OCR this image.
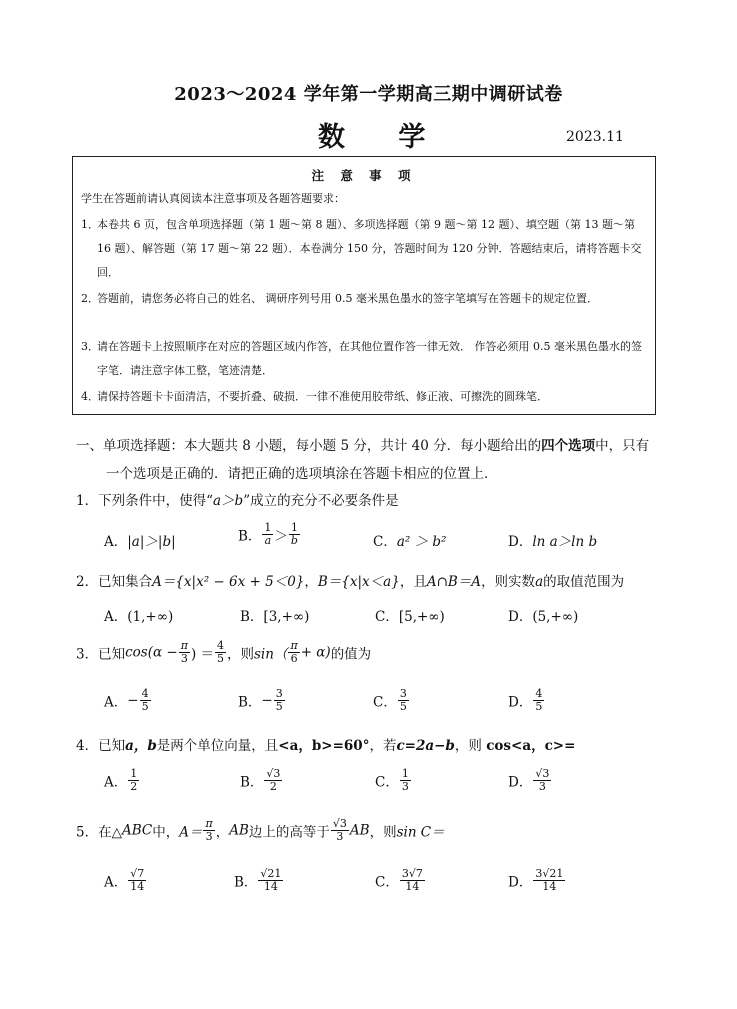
2023～2024 学年第一学期高三期中调研试卷
数 学	2023.11
注 意 事 项
学生在答题前请认真阅读本注意事项及各题答题要求：
1．
本卷共 6 页，包含单项选择题（第 1 题～第 8 题）、多项选择题（第 9 题～第 12 题）、填空题（第 13 题～第 16 题）、解答题（第 17 题～第 22 题）．本卷满分 150 分，答题时间为 120 分钟．答题结束后，请将答题卡交回．
2．
答题前，请您务必将自己的姓名、 调研序列号用 0.5 毫米黑色墨水的签字笔填写在答题卡的规定位置．
3．
请在答题卡上按照顺序在对应的答题区域内作答，在其他位置作答一律无效． 作答必须用 0.5 毫米黑色墨水的签字笔．请注意字体工整，笔迹清楚．
4．
请保持答题卡卡面清洁，不要折叠、破损．一律不准使用胶带纸、修正液、可擦洗的圆珠笔．
一、单项选择题：本大题共 8 小题，每小题 5 分，共计 40 分．每小题给出的四个选项中，只有
一个选项是正确的．请把正确的选项填涂在答题卡相应的位置上．
1．下列条件中，使得“a＞b”成立的充分不必要条件是
A．|a|＞|b|	B． $\frac{1}{a} > \frac{1}{b}$	C．a² ＞ b²	D．ln a＞ln b
2．已知集合A＝{x|x² − 6x + 5＜0}，B＝{x|x＜a}，且A∩B＝A，则实数a的取值范围为
A．(1,+∞)	B．[3,+∞)	C．[5,+∞)	D．(5,+∞)
3．已知$\cos(\alpha - \frac{\pi}{3}$ ) ＝ $\frac{4}{5}$ ，则$\sin( \frac{\pi}{6} + \alpha)$的值为
A．− $\frac{4}{5}$	B．− $\frac{3}{5}$	C． $\frac{3}{5}$	D． $\frac{4}{5}$
4．已知a，b是两个单位向量，且<a，b>=60°，若c=2a−b，则 cos<a，c>=
A． $\frac{1}{2}$	B． $\frac{√3}{2}$	C． $\frac{1}{3}$	D． $\frac{√3}{3}$
5．在△ABC中，$A= \frac{\pi}{3}$ ，AB边上的高等于 $\frac{√3}{3}$ AB，则sin C＝
A． $\frac{√7}{14}$	B． $\frac{√21}{14}$	C． $\frac{3√7}{14}$	D． $\frac{3√21}{14}$
